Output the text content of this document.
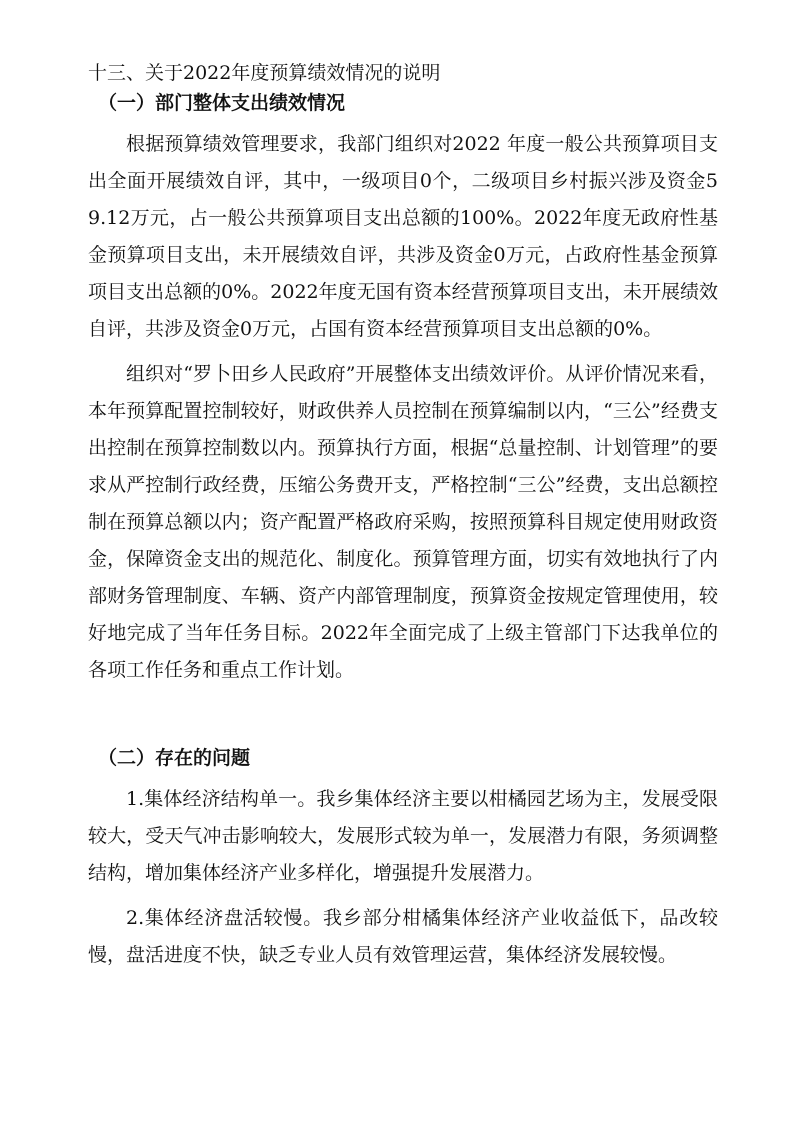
十三、关于2022年度预算绩效情况的说明

（一）部门整体支出绩效情况

根据预算绩效管理要求，我部门组织对2022 年度一般公共预算项目支出全面开展绩效自评，其中，一级项目0个，二级项目乡村振兴涉及资金59.12万元，占一般公共预算项目支出总额的100%。2022年度无政府性基金预算项目支出，未开展绩效自评，共涉及资金0万元，占政府性基金预算项目支出总额的0%。2022年度无国有资本经营预算项目支出，未开展绩效自评，共涉及资金0万元，占国有资本经营预算项目支出总额的0%。

组织对“罗卜田乡人民政府”开展整体支出绩效评价。从评价情况来看，本年预算配置控制较好，财政供养人员控制在预算编制以内，“三公”经费支出控制在预算控制数以内。预算执行方面，根据“总量控制、计划管理”的要求从严控制行政经费，压缩公务费开支，严格控制“三公”经费，支出总额控制在预算总额以内；资产配置严格政府采购，按照预算科目规定使用财政资金，保障资金支出的规范化、制度化。预算管理方面，切实有效地执行了内部财务管理制度、车辆、资产内部管理制度，预算资金按规定管理使用，较好地完成了当年任务目标。2022年全面完成了上级主管部门下达我单位的各项工作任务和重点工作计划。

（二）存在的问题

1.集体经济结构单一。我乡集体经济主要以柑橘园艺场为主，发展受限较大，受天气冲击影响较大，发展形式较为单一，发展潜力有限，务须调整结构，增加集体经济产业多样化，增强提升发展潜力。

2.集体经济盘活较慢。我乡部分柑橘集体经济产业收益低下，品改较慢，盘活进度不快，缺乏专业人员有效管理运营，集体经济发展较慢。
